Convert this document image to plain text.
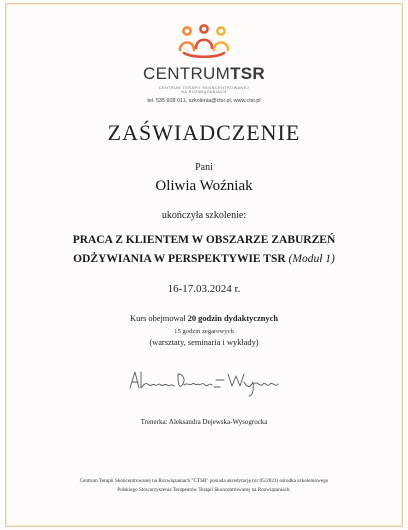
CENTRUMTSR
CENTRUM TERAPII SKONCENTROWANEJ
NA ROZWIĄZANIACH
tel. 535 928 011, szkolenia@ctsr.pl, www.ctsr.pl
ZAŚWIADCZENIE
Pani
Oliwia Woźniak
ukończyła szkolenie:
PRACA Z KLIENTEM W OBSZARZE ZABURZEŃ
ODŻYWIANIA W PERSPEKTYWIE TSR (Moduł 1)
16-17.03.2024 r.
Kurs obejmował 20 godzin dydaktycznych
15 godzin zegarowych
(warsztaty, seminaria i wykłady)
Trenerka: Aleksandra Dejewska-Wysogrocka
Centrum Terapii Skoncentrowanej na Rozwiązaniach "CTSR" posiada akredytację (nr 05/2021) ośrodka szkoleniowego
Polskiego Stowarzyszenia Terapeutów Terapii Skoncentrowanej na Rozwiązaniach.
